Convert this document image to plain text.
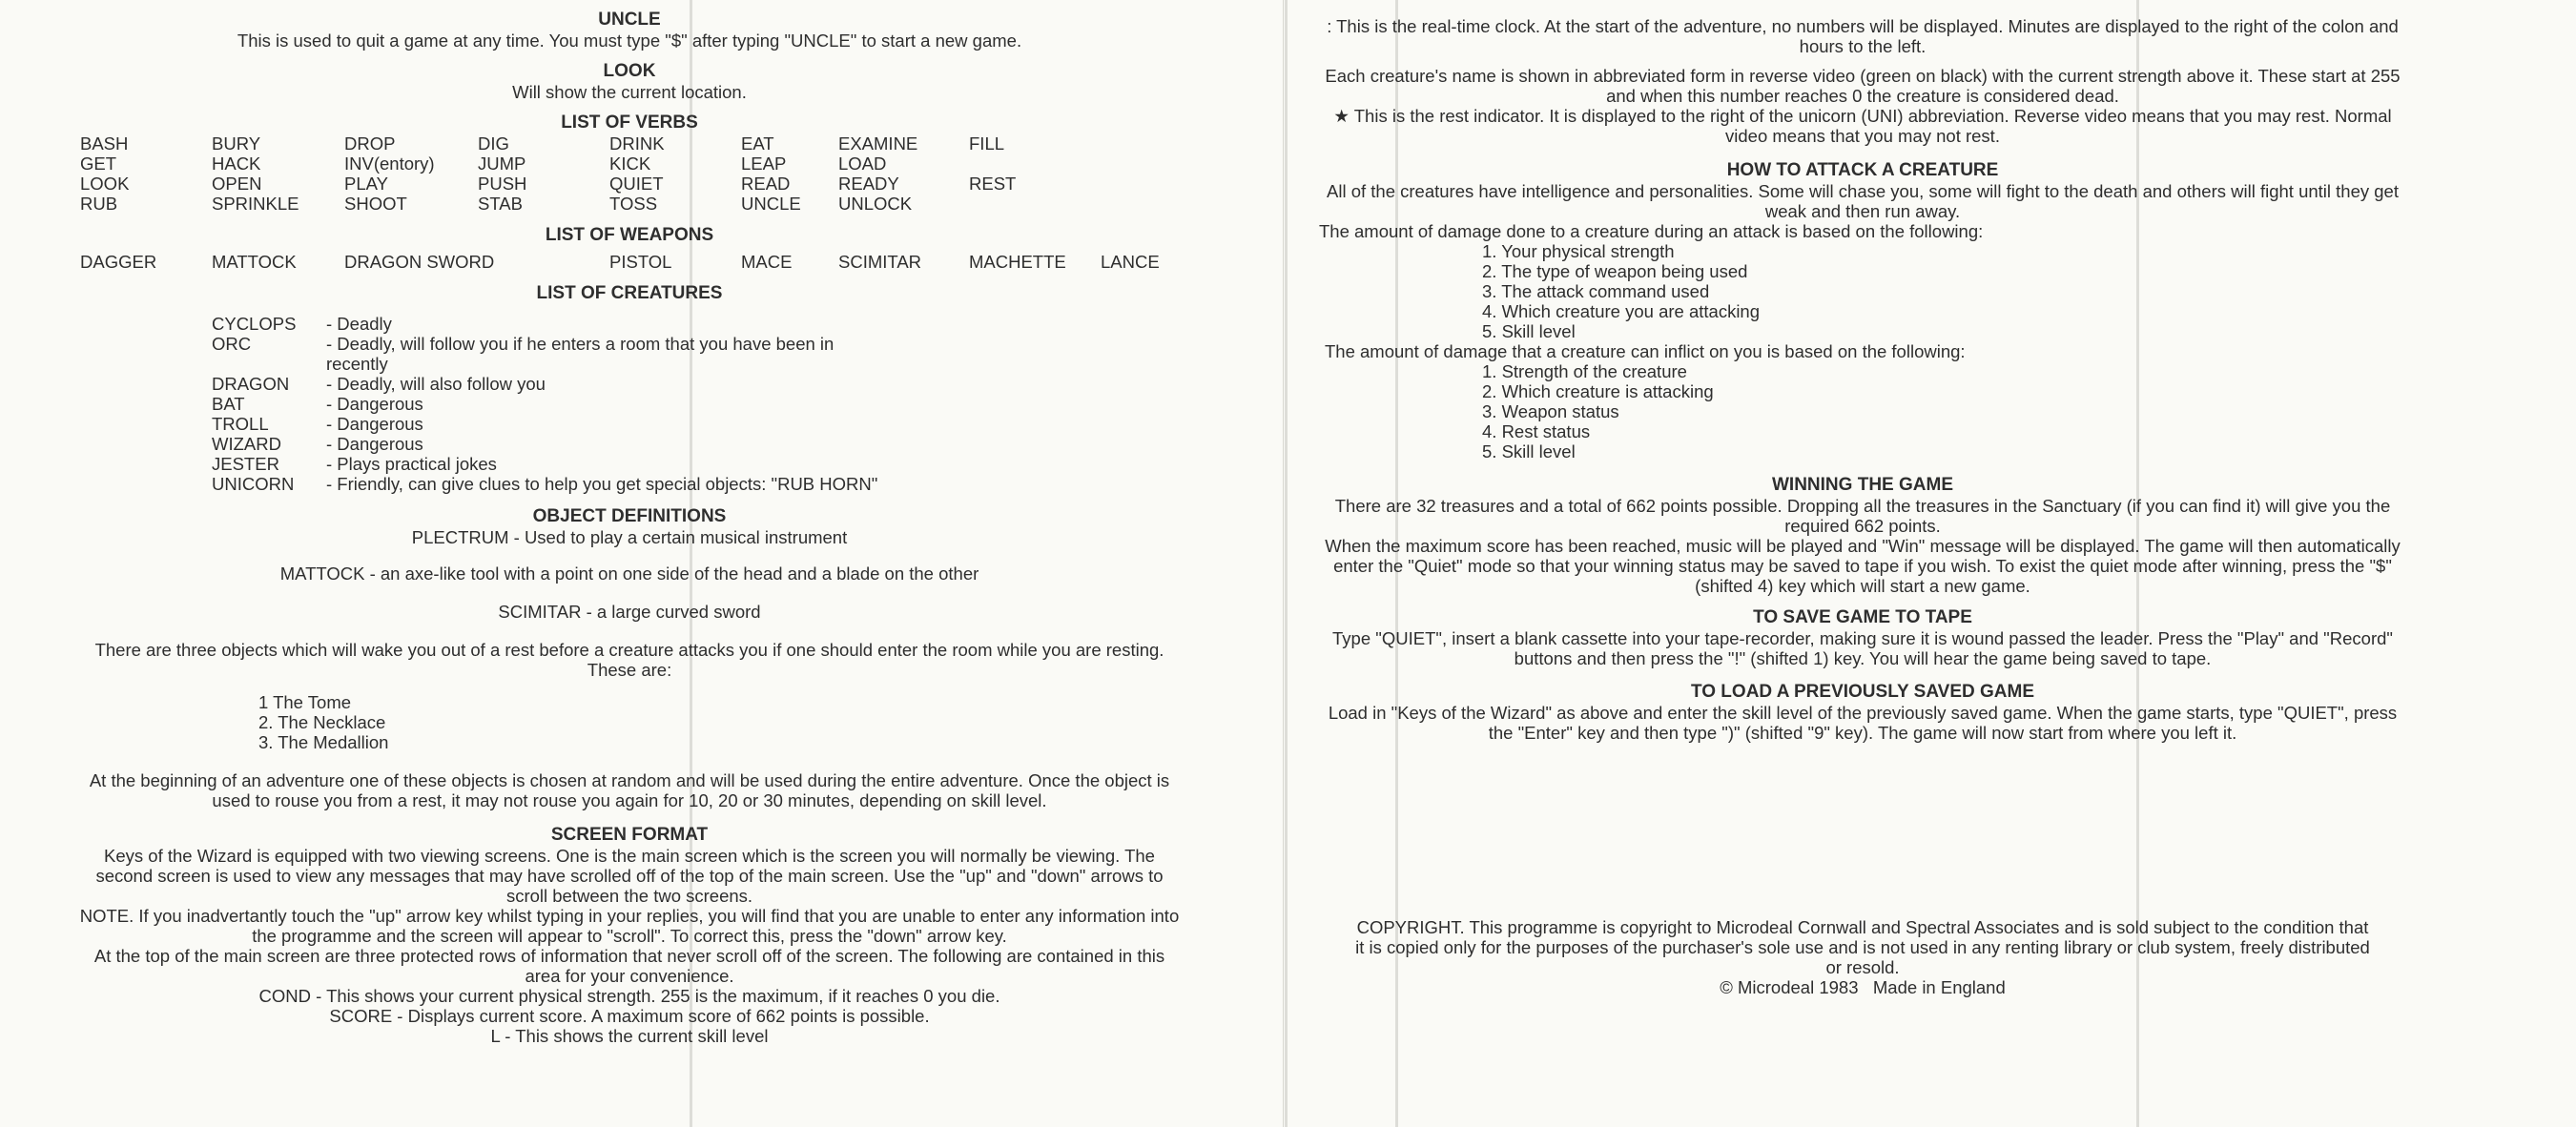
UNCLE

This is used to quit a game at any time. You must type "$" after typing "UNCLE" to start a new game.

LOOK

Will show the current location.

LIST OF VERBS

BASH	BURY	DROP	DIG	DRINK	EAT	EXAMINE	FILL
GET	HACK	INV(entory) JUMP	KICK	LEAP	LOAD
LOOK	OPEN	PLAY	PUSH	QUIET	READ	READY	REST
RUB	SPRINKLE	SHOOT	STAB	TOSS	UNCLE UNLOCK

LIST OF WEAPONS

DAGGER	MATTOCK	DRAGON SWORD	PISTOL	MACE	SCIMITAR	MACHETTE LANCE

LIST OF CREATURES

CYCLOPS	- Deadly
ORC	- Deadly, will follow you if he enters a room that you have been in recently
DRAGON	- Deadly, will also follow you
BAT	- Dangerous
TROLL	- Dangerous
WIZARD	- Dangerous
JESTER	- Plays practical jokes
UNICORN	- Friendly, can give clues to help you get special objects: "RUB HORN"

OBJECT DEFINITIONS

PLECTRUM - Used to play a certain musical instrument

MATTOCK - an axe-like tool with a point on one side of the head and a blade on the other

SCIMITAR - a large curved sword

There are three objects which will wake you out of a rest before a creature attacks you if one should enter the room while you are resting. These are:

1 The Tome

2. The Necklace

3. The Medallion

At the beginning of an adventure one of these objects is chosen at random and will be used during the entire adventure. Once the object is used to rouse you from a rest, it may not rouse you again for 10, 20 or 30 minutes, depending on skill level.

SCREEN FORMAT

Keys of the Wizard is equipped with two viewing screens. One is the main screen which is the screen you will normally be viewing. The second screen is used to view any messages that may have scrolled off of the top of the main screen. Use the "up" and "down" arrows to scroll between the two screens.

NOTE. If you inadvertantly touch the "up" arrow key whilst typing in your replies, you will find that you are unable to enter any information into the programme and the screen will appear to "scroll". To correct this, press the "down" arrow key.

At the top of the main screen are three protected rows of information that never scroll off of the screen. The following are contained in this area for your convenience.

COND - This shows your current physical strength. 255 is the maximum, if it reaches 0 you die.

SCORE - Displays current score. A maximum score of 662 points is possible.

L - This shows the current skill level

: This is the real-time clock. At the start of the adventure, no numbers will be displayed. Minutes are displayed to the right of the colon and hours to the left.

Each creature's name is shown in abbreviated form in reverse video (green on black) with the current strength above it. These start at 255 and when this number reaches 0 the creature is considered dead.

★ This is the rest indicator. It is displayed to the right of the unicorn (UNI) abbreviation. Reverse video means that you may rest. Normal video means that you may not rest.

HOW TO ATTACK A CREATURE

All of the creatures have intelligence and personalities. Some will chase you, some will fight to the death and others will fight until they get weak and then run away.

The amount of damage done to a creature during an attack is based on the following:

1. Your physical strength

2. The type of weapon being used

3. The attack command used

4. Which creature you are attacking

5. Skill level

The amount of damage that a creature can inflict on you is based on the following:

1. Strength of the creature

2. Which creature is attacking

3. Weapon status

4. Rest status

5. Skill level

WINNING THE GAME

There are 32 treasures and a total of 662 points possible. Dropping all the treasures in the Sanctuary (if you can find it) will give you the required 662 points.

When the maximum score has been reached, music will be played and "Win" message will be displayed. The game will then automatically enter the "Quiet" mode so that your winning status may be saved to tape if you wish. To exist the quiet mode after winning, press the "$" (shifted 4) key which will start a new game.

TO SAVE GAME TO TAPE

Type "QUIET", insert a blank cassette into your tape-recorder, making sure it is wound passed the leader. Press the "Play" and "Record" buttons and then press the "!" (shifted 1) key. You will hear the game being saved to tape.

TO LOAD A PREVIOUSLY SAVED GAME

Load in "Keys of the Wizard" as above and enter the skill level of the previously saved game. When the game starts, type "QUIET", press the "Enter" key and then type ")" (shifted "9" key). The game will now start from where you left it.

COPYRIGHT. This programme is copyright to Microdeal Cornwall and Spectral Associates and is sold subject to the condition that it is copied only for the purposes of the purchaser's sole use and is not used in any renting library or club system, freely distributed or resold.

© Microdeal 1983   Made in England
